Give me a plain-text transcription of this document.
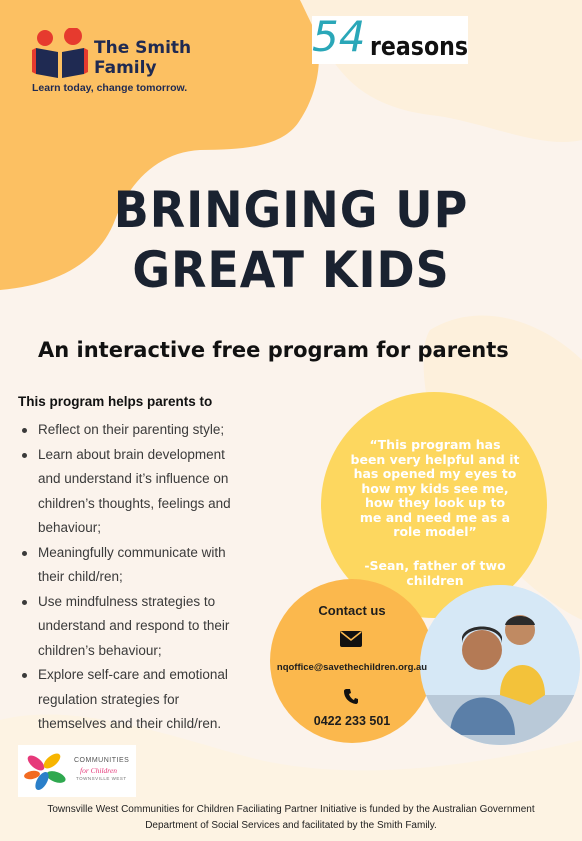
The Smith
Family
Learn today, change tomorrow.
54 reasons
BRINGING UP
GREAT KIDS
An interactive free program for parents
This program helps parents to
Reflect on their parenting style;
Learn about brain development
and understand it’s influence on
children’s thoughts, feelings and
behaviour;
Meaningfully communicate with
their child/ren;
Use mindfulness strategies to
understand and respond to their
children’s behaviour;
Explore self-care and emotional
regulation strategies for
themselves and their child/ren.
“This program has
been very helpful and it
has opened my eyes to
how my kids see me,
how they look up to
me and need me as a
role model”
-Sean, father of two
children
Contact us
nqoffice@savethechildren.org.au
0422 233 501
COMMUNITIES
for Children
TOWNSVILLE WEST
Townsville West Communities for Children Faciliating Partner Initiative is funded by the Australian Government
Department of Social Services and facilitated by the Smith Family.
